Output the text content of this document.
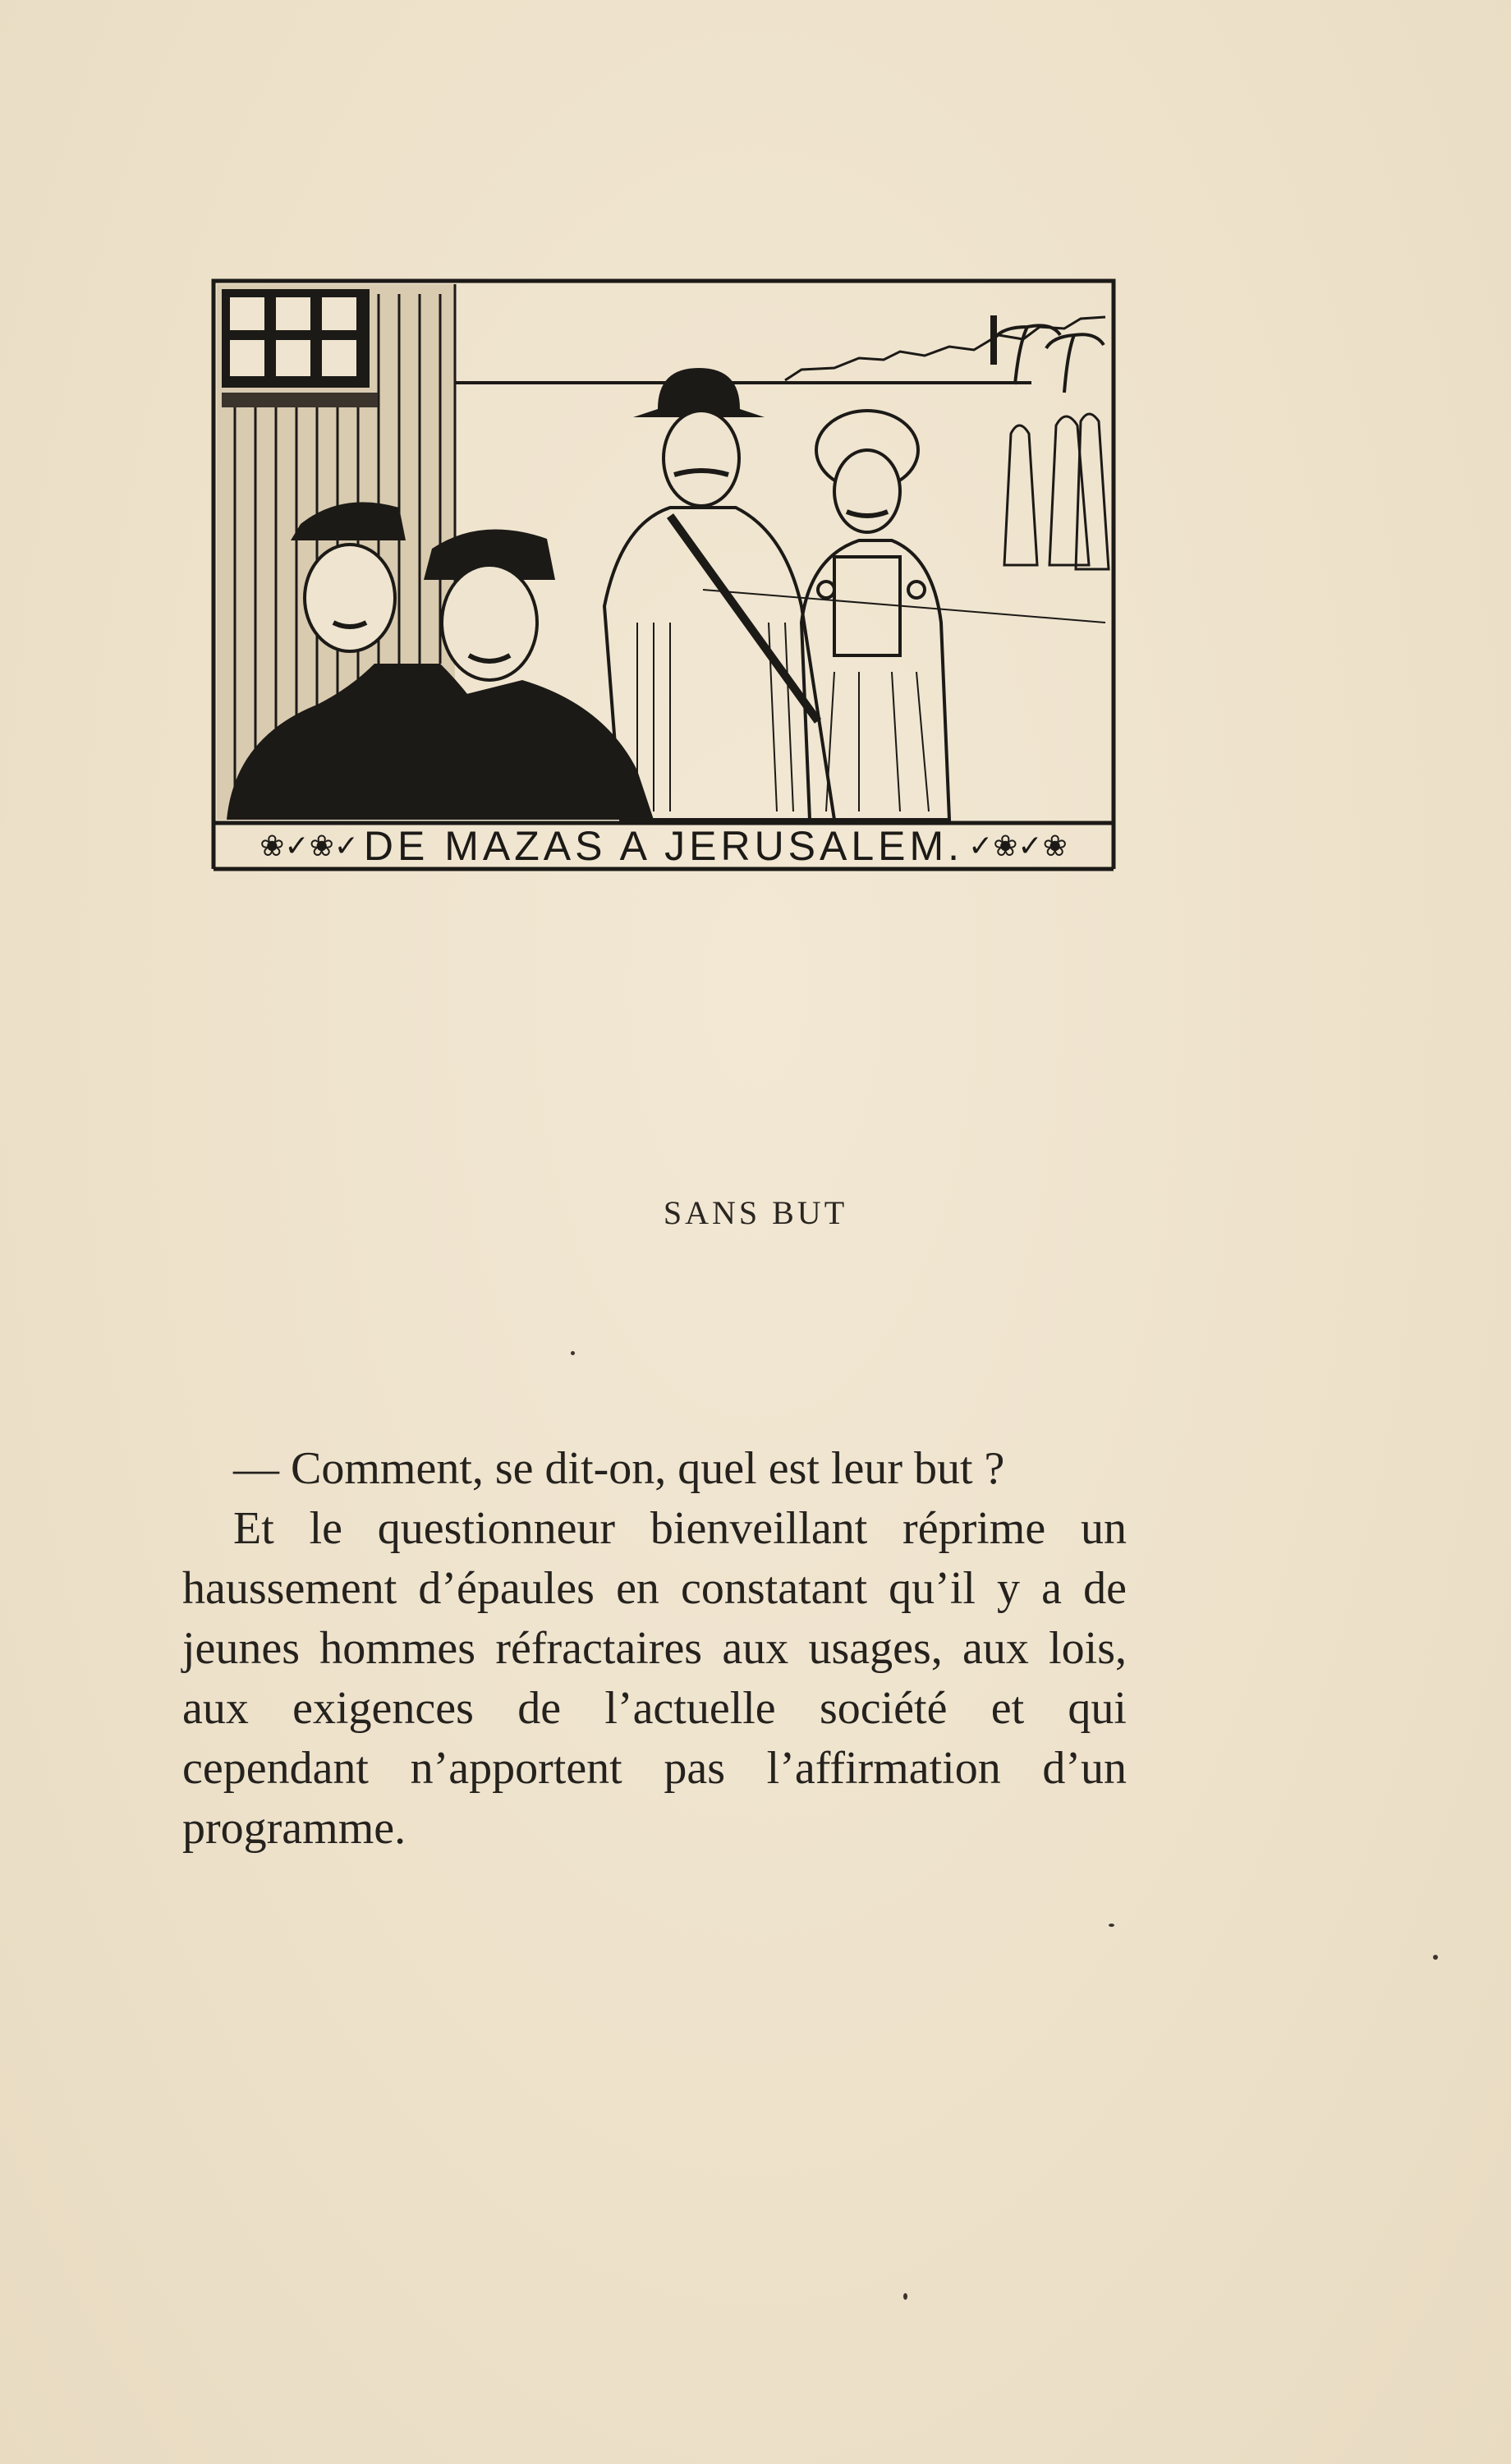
❀✓❀✓ DE MAZAS A JERUSALEM. ✓❀✓❀
SANS BUT

— Comment, se dit-on, quel est leur but ?

Et le questionneur bienveillant réprime un haussement d’épaules en constatant qu’il y a de jeunes hommes réfractaires aux usages, aux lois, aux exigences de l’actuelle société et qui cependant n’apportent pas l’affirmation d’un programme.
